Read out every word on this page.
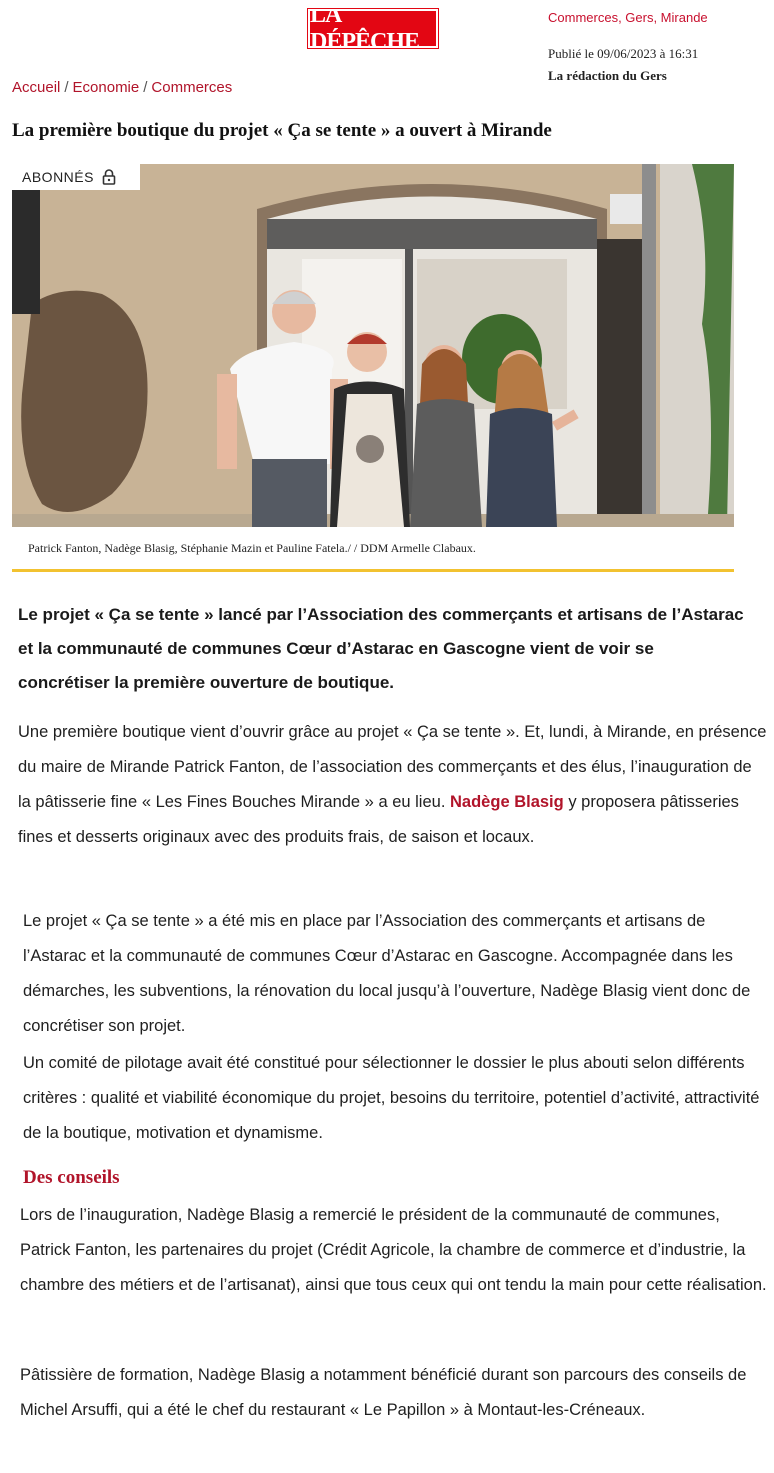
LA DÉPÊCHE
Commerces, Gers, Mirande
Publié le 09/06/2023 à 16:31
La rédaction du Gers
Accueil / Economie / Commerces
La première boutique du projet « Ça se tente » a ouvert à Mirande
ABONNÉS
Patrick Fanton, Nadège Blasig, Stéphanie Mazin et Pauline Fatela./ / DDM Armelle Clabaux.

Le projet « Ça se tente » lancé par l’Association des commerçants et artisans de l’Astarac et la communauté de communes Cœur d’Astarac en Gascogne vient de voir se concrétiser la première ouverture de boutique.

Une première boutique vient d’ouvrir grâce au projet « Ça se tente ». Et, lundi, à Mirande, en présence du maire de Mirande Patrick Fanton, de l’association des commerçants et des élus, l’inauguration de la pâtisserie fine « Les Fines Bouches Mirande » a eu lieu. Nadège Blasig y proposera pâtisseries fines et desserts originaux avec des produits frais, de saison et locaux.

Le projet « Ça se tente » a été mis en place par l’Association des commerçants et artisans de l’Astarac et la communauté de communes Cœur d’Astarac en Gascogne. Accompagnée dans les démarches, les subventions, la rénovation du local jusqu’à l’ouverture, Nadège Blasig vient donc de concrétiser son projet.

Un comité de pilotage avait été constitué pour sélectionner le dossier le plus abouti selon différents critères : qualité et viabilité économique du projet, besoins du territoire, potentiel d’activité, attractivité de la boutique, motivation et dynamisme.

Des conseils

Lors de l’inauguration, Nadège Blasig a remercié le président de la communauté de communes, Patrick Fanton, les partenaires du projet (Crédit Agricole, la chambre de commerce et d’industrie, la chambre des métiers et de l’artisanat), ainsi que tous ceux qui ont tendu la main pour cette réalisation.

Pâtissière de formation, Nadège Blasig a notamment bénéficié durant son parcours des conseils de Michel Arsuffi, qui a été le chef du restaurant « Le Papillon » à Montaut-les-Créneaux.
